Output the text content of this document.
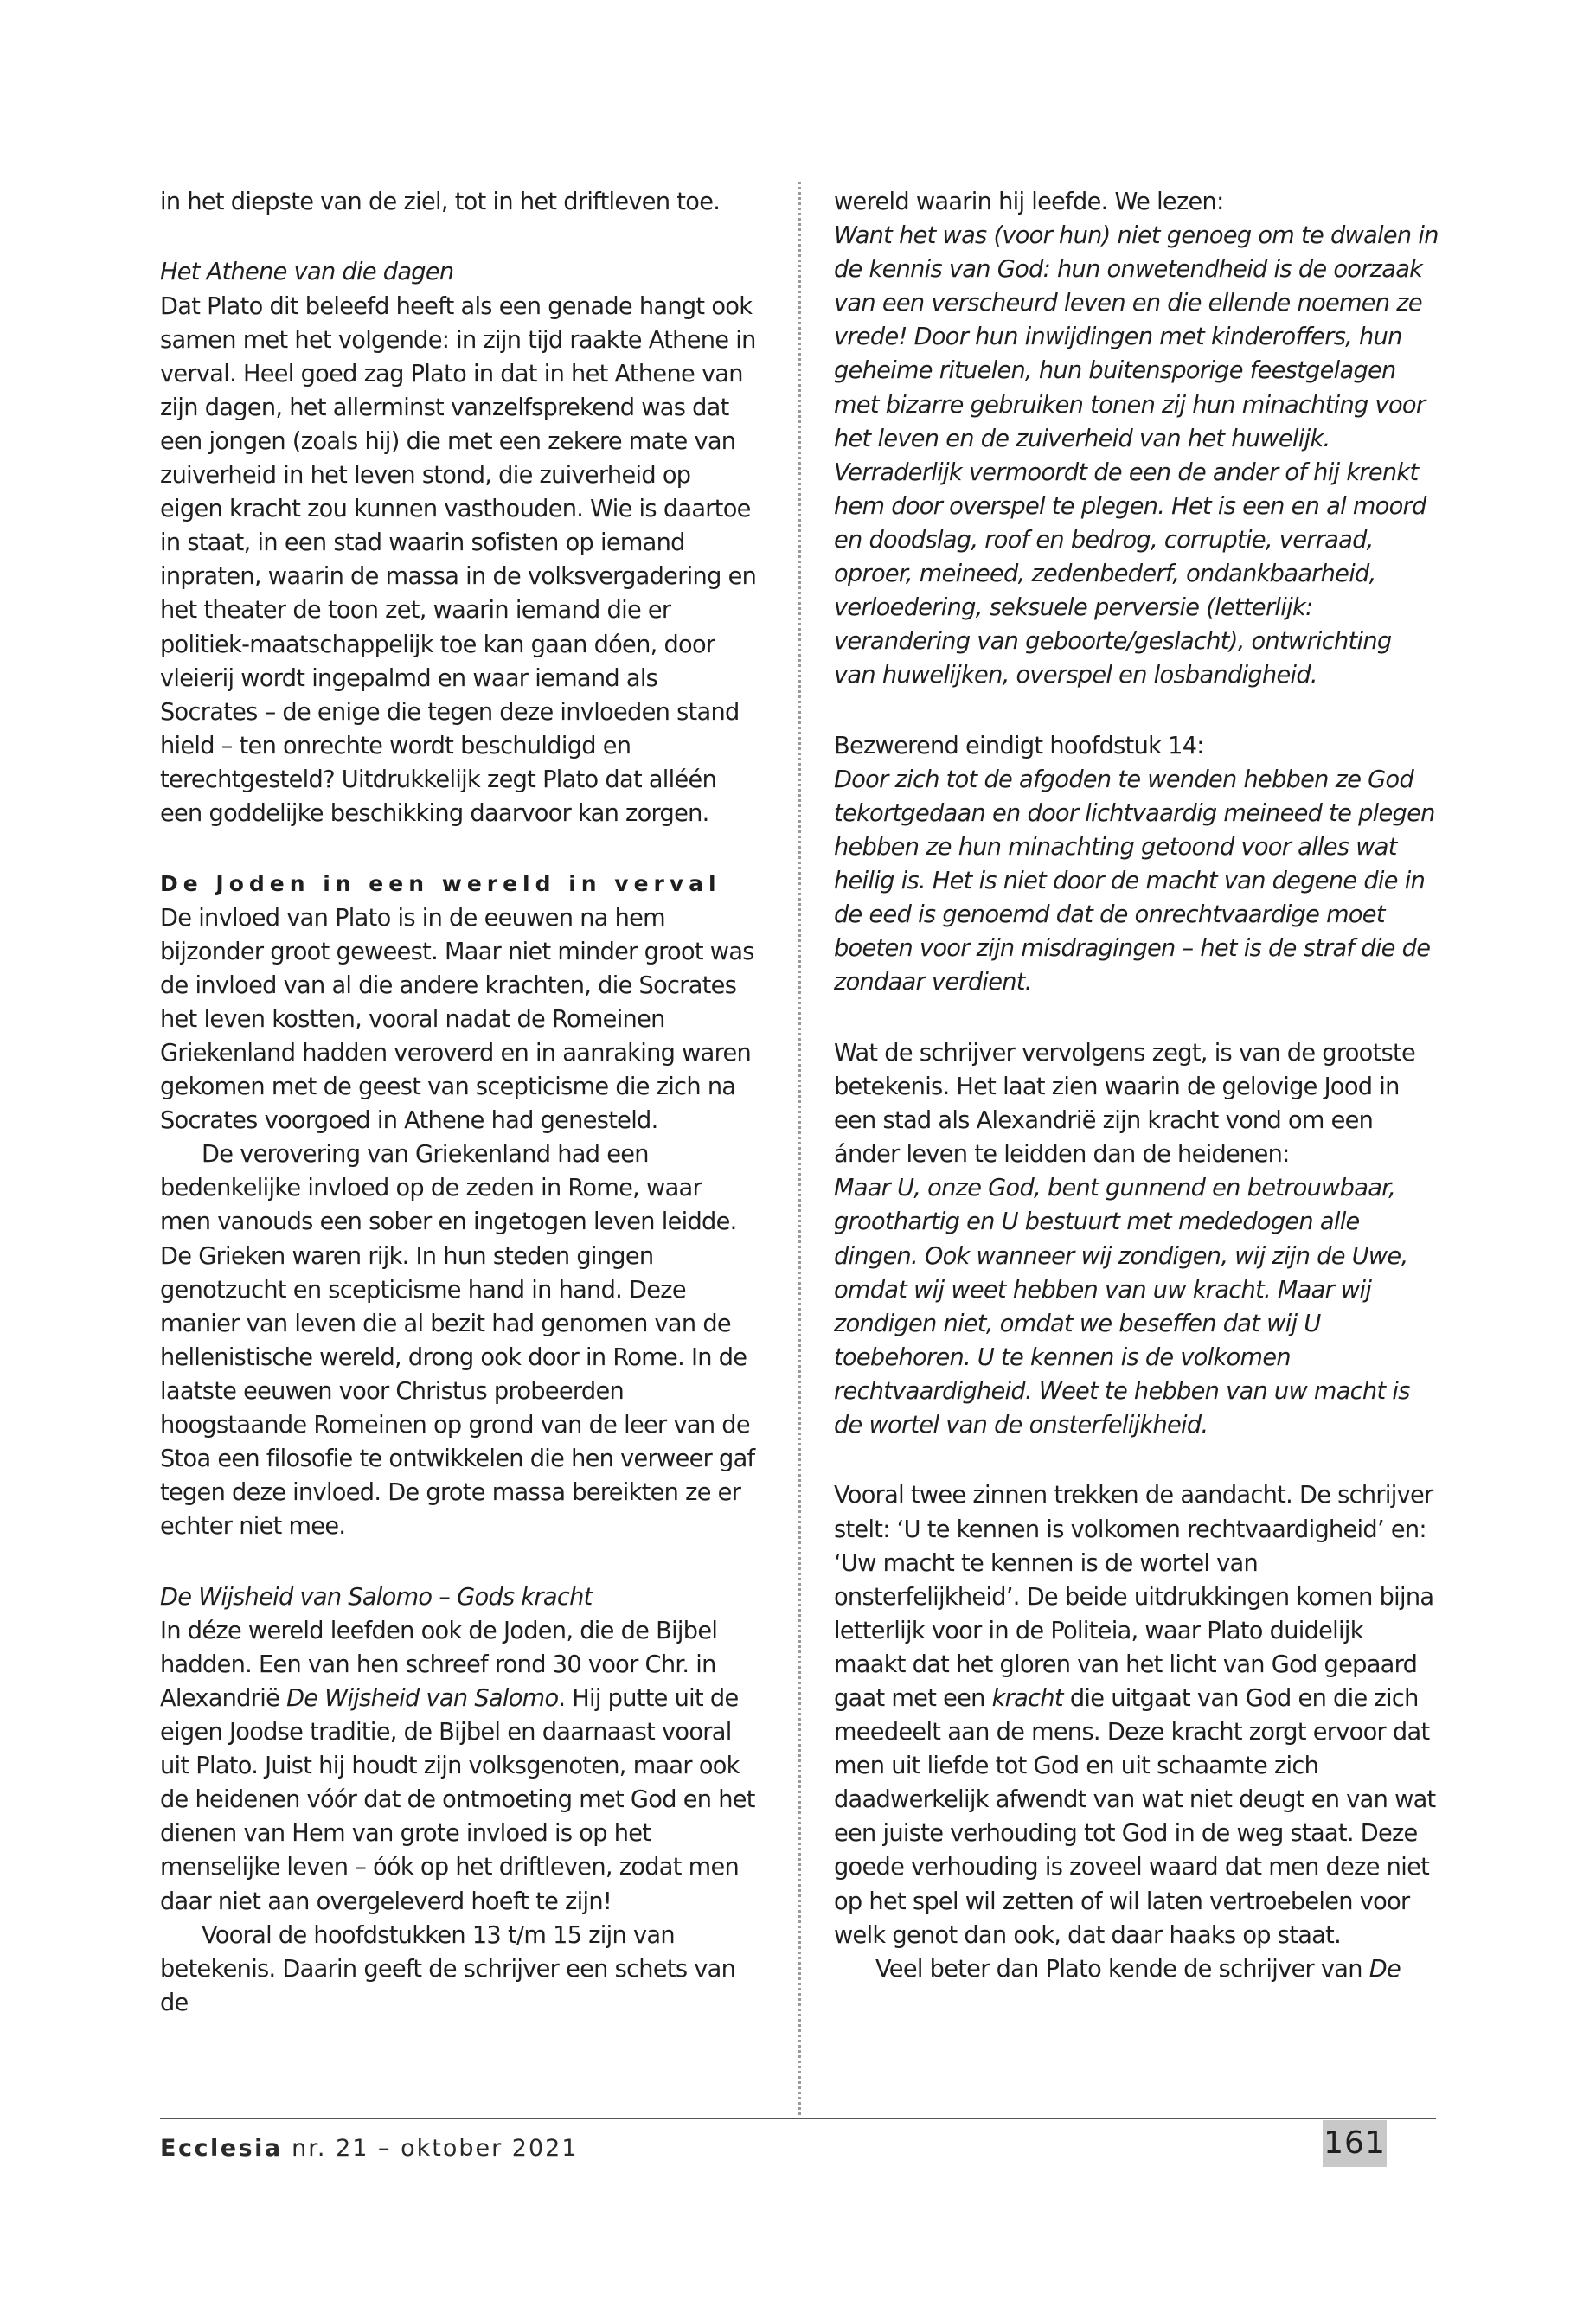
in het diepste van de ziel, tot in het driftleven toe.

Het Athene van die dagen

Dat Plato dit beleefd heeft als een genade hangt ook samen met het volgende: in zijn tijd raakte Athene in verval. Heel goed zag Plato in dat in het Athene van zijn dagen, het allerminst vanzelfsprekend was dat een jongen (zoals hij) die met een zekere mate van zuiverheid in het leven stond, die zuiverheid op eigen kracht zou kunnen vasthouden. Wie is daartoe in staat, in een stad waarin sofisten op iemand inpraten, waarin de massa in de volksvergadering en het theater de toon zet, waarin iemand die er politiek-maatschappelijk toe kan gaan dóen, door vleierij wordt ingepalmd en waar iemand als Socrates – de enige die tegen deze invloeden stand hield – ten onrechte wordt beschuldigd en terechtgesteld? Uitdrukkelijk zegt Plato dat alléén een goddelijke beschikking daarvoor kan zorgen.

De Joden in een wereld in verval

De invloed van Plato is in de eeuwen na hem bijzonder groot geweest. Maar niet minder groot was de invloed van al die andere krachten, die Socrates het leven kostten, vooral nadat de Romeinen Griekenland hadden veroverd en in aanraking waren gekomen met de geest van scepticisme die zich na Socrates voorgoed in Athene had genesteld.

De verovering van Griekenland had een bedenkelijke invloed op de zeden in Rome, waar men vanouds een sober en ingetogen leven leidde. De Grieken waren rijk. In hun steden gingen genotzucht en scepticisme hand in hand. Deze manier van leven die al bezit had genomen van de hellenistische wereld, drong ook door in Rome. In de laatste eeuwen voor Christus probeerden hoogstaande Romeinen op grond van de leer van de Stoa een filosofie te ontwikkelen die hen verweer gaf tegen deze invloed. De grote massa bereikten ze er echter niet mee.

De Wijsheid van Salomo – Gods kracht

In déze wereld leefden ook de Joden, die de Bijbel hadden. Een van hen schreef rond 30 voor Chr. in Alexandrië De Wijsheid van Salomo. Hij putte uit de eigen Joodse traditie, de Bijbel en daarnaast vooral uit Plato. Juist hij houdt zijn volksgenoten, maar ook de heidenen vóór dat de ontmoeting met God en het dienen van Hem van grote invloed is op het menselijke leven – óók op het driftleven, zodat men daar niet aan overgeleverd hoeft te zijn!

Vooral de hoofdstukken 13 t/m 15 zijn van betekenis. Daarin geeft de schrijver een schets van de

wereld waarin hij leefde. We lezen:

Want het was (voor hun) niet genoeg om te dwalen in de kennis van God: hun onwetendheid is de oorzaak van een verscheurd leven en die ellende noemen ze vrede! Door hun inwijdingen met kinderoffers, hun geheime rituelen, hun buitensporige feestgelagen met bizarre gebruiken tonen zij hun minachting voor het leven en de zuiverheid van het huwelijk. Verraderlijk vermoordt de een de ander of hij krenkt hem door overspel te plegen. Het is een en al moord en doodslag, roof en bedrog, corruptie, verraad, oproer, meineed, zedenbederf, ondankbaarheid, verloedering, seksuele perversie (letterlijk: verandering van geboorte/geslacht), ontwrichting van huwelijken, overspel en losbandigheid.

Bezwerend eindigt hoofdstuk 14:

Door zich tot de afgoden te wenden hebben ze God tekortgedaan en door lichtvaardig meineed te plegen hebben ze hun minachting getoond voor alles wat heilig is. Het is niet door de macht van degene die in de eed is genoemd dat de onrechtvaardige moet boeten voor zijn misdragingen – het is de straf die de zondaar verdient.

Wat de schrijver vervolgens zegt, is van de grootste betekenis. Het laat zien waarin de gelovige Jood in een stad als Alexandrië zijn kracht vond om een ánder leven te leidden dan de heidenen:

Maar U, onze God, bent gunnend en betrouwbaar, groothartig en U bestuurt met mededogen alle dingen. Ook wanneer wij zondigen, wij zijn de Uwe, omdat wij weet hebben van uw kracht. Maar wij zondigen niet, omdat we beseffen dat wij U toebehoren. U te kennen is de volkomen rechtvaardigheid. Weet te hebben van uw macht is de wortel van de onsterfelijkheid.

Vooral twee zinnen trekken de aandacht. De schrijver stelt: ‘U te kennen is volkomen rechtvaardigheid’ en: ‘Uw macht te kennen is de wortel van onsterfelijkheid’. De beide uitdrukkingen komen bijna letterlijk voor in de Politeia, waar Plato duidelijk maakt dat het gloren van het licht van God gepaard gaat met een kracht die uitgaat van God en die zich meedeelt aan de mens. Deze kracht zorgt ervoor dat men uit liefde tot God en uit schaamte zich daadwerkelijk afwendt van wat niet deugt en van wat een juiste verhouding tot God in de weg staat. Deze goede verhouding is zoveel waard dat men deze niet op het spel wil zetten of wil laten vertroebelen voor welk genot dan ook, dat daar haaks op staat.

Veel beter dan Plato kende de schrijver van De

Ecclesia nr. 21 – oktober 2021	161
